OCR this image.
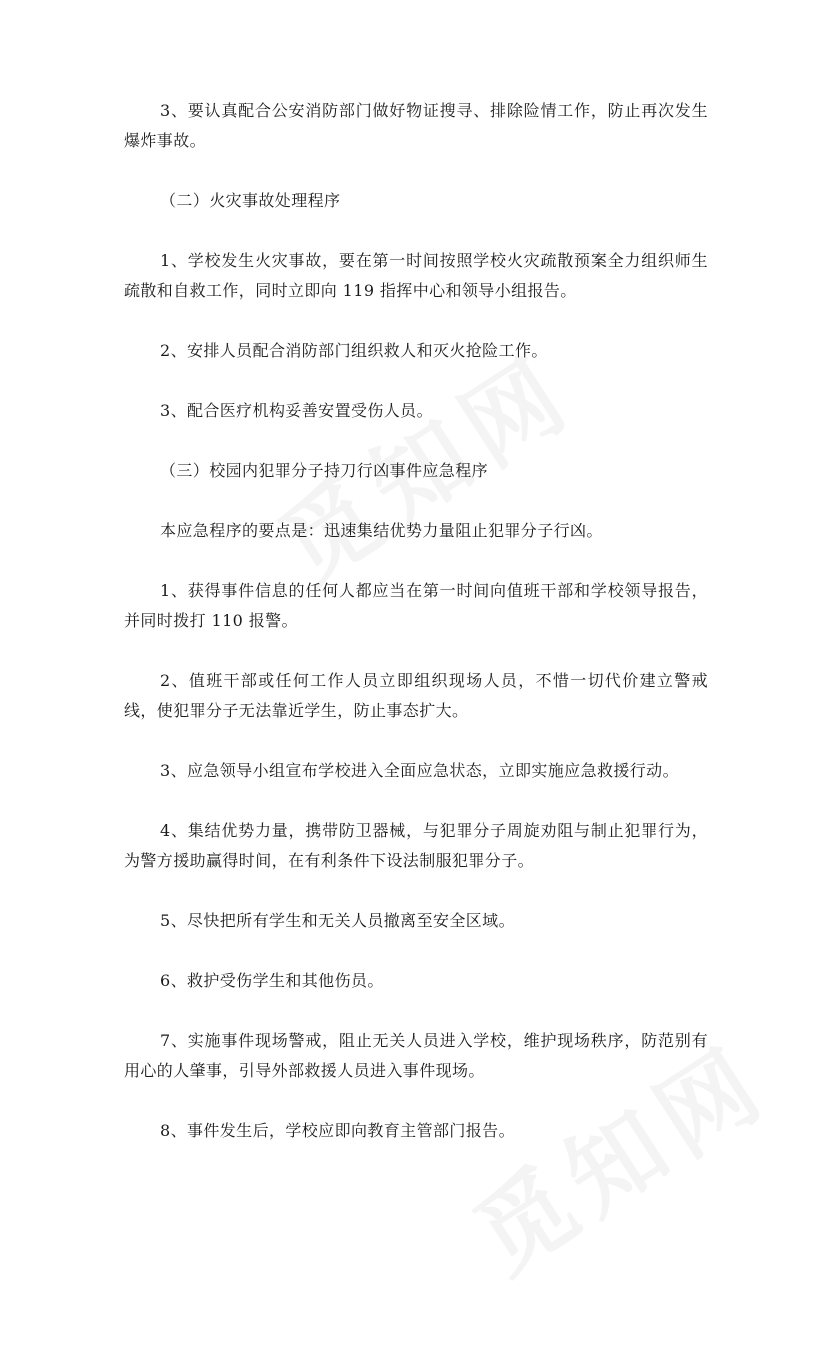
3、要认真配合公安消防部门做好物证搜寻、排除险情工作，防止再次发生爆炸事故。

（二）火灾事故处理程序

1、学校发生火灾事故，要在第一时间按照学校火灾疏散预案全力组织师生疏散和自救工作，同时立即向 119 指挥中心和领导小组报告。

2、安排人员配合消防部门组织救人和灭火抢险工作。

3、配合医疗机构妥善安置受伤人员。

（三）校园内犯罪分子持刀行凶事件应急程序

本应急程序的要点是：迅速集结优势力量阻止犯罪分子行凶。

1、获得事件信息的任何人都应当在第一时间向值班干部和学校领导报告，并同时拨打 110 报警。

2、值班干部或任何工作人员立即组织现场人员，不惜一切代价建立警戒线，使犯罪分子无法靠近学生，防止事态扩大。

3、应急领导小组宣布学校进入全面应急状态，立即实施应急救援行动。

4、集结优势力量，携带防卫器械，与犯罪分子周旋劝阻与制止犯罪行为，为警方援助赢得时间，在有利条件下设法制服犯罪分子。

5、尽快把所有学生和无关人员撤离至安全区域。

6、救护受伤学生和其他伤员。

7、实施事件现场警戒，阻止无关人员进入学校，维护现场秩序，防范别有用心的人肇事，引导外部救援人员进入事件现场。

8、事件发生后，学校应即向教育主管部门报告。
